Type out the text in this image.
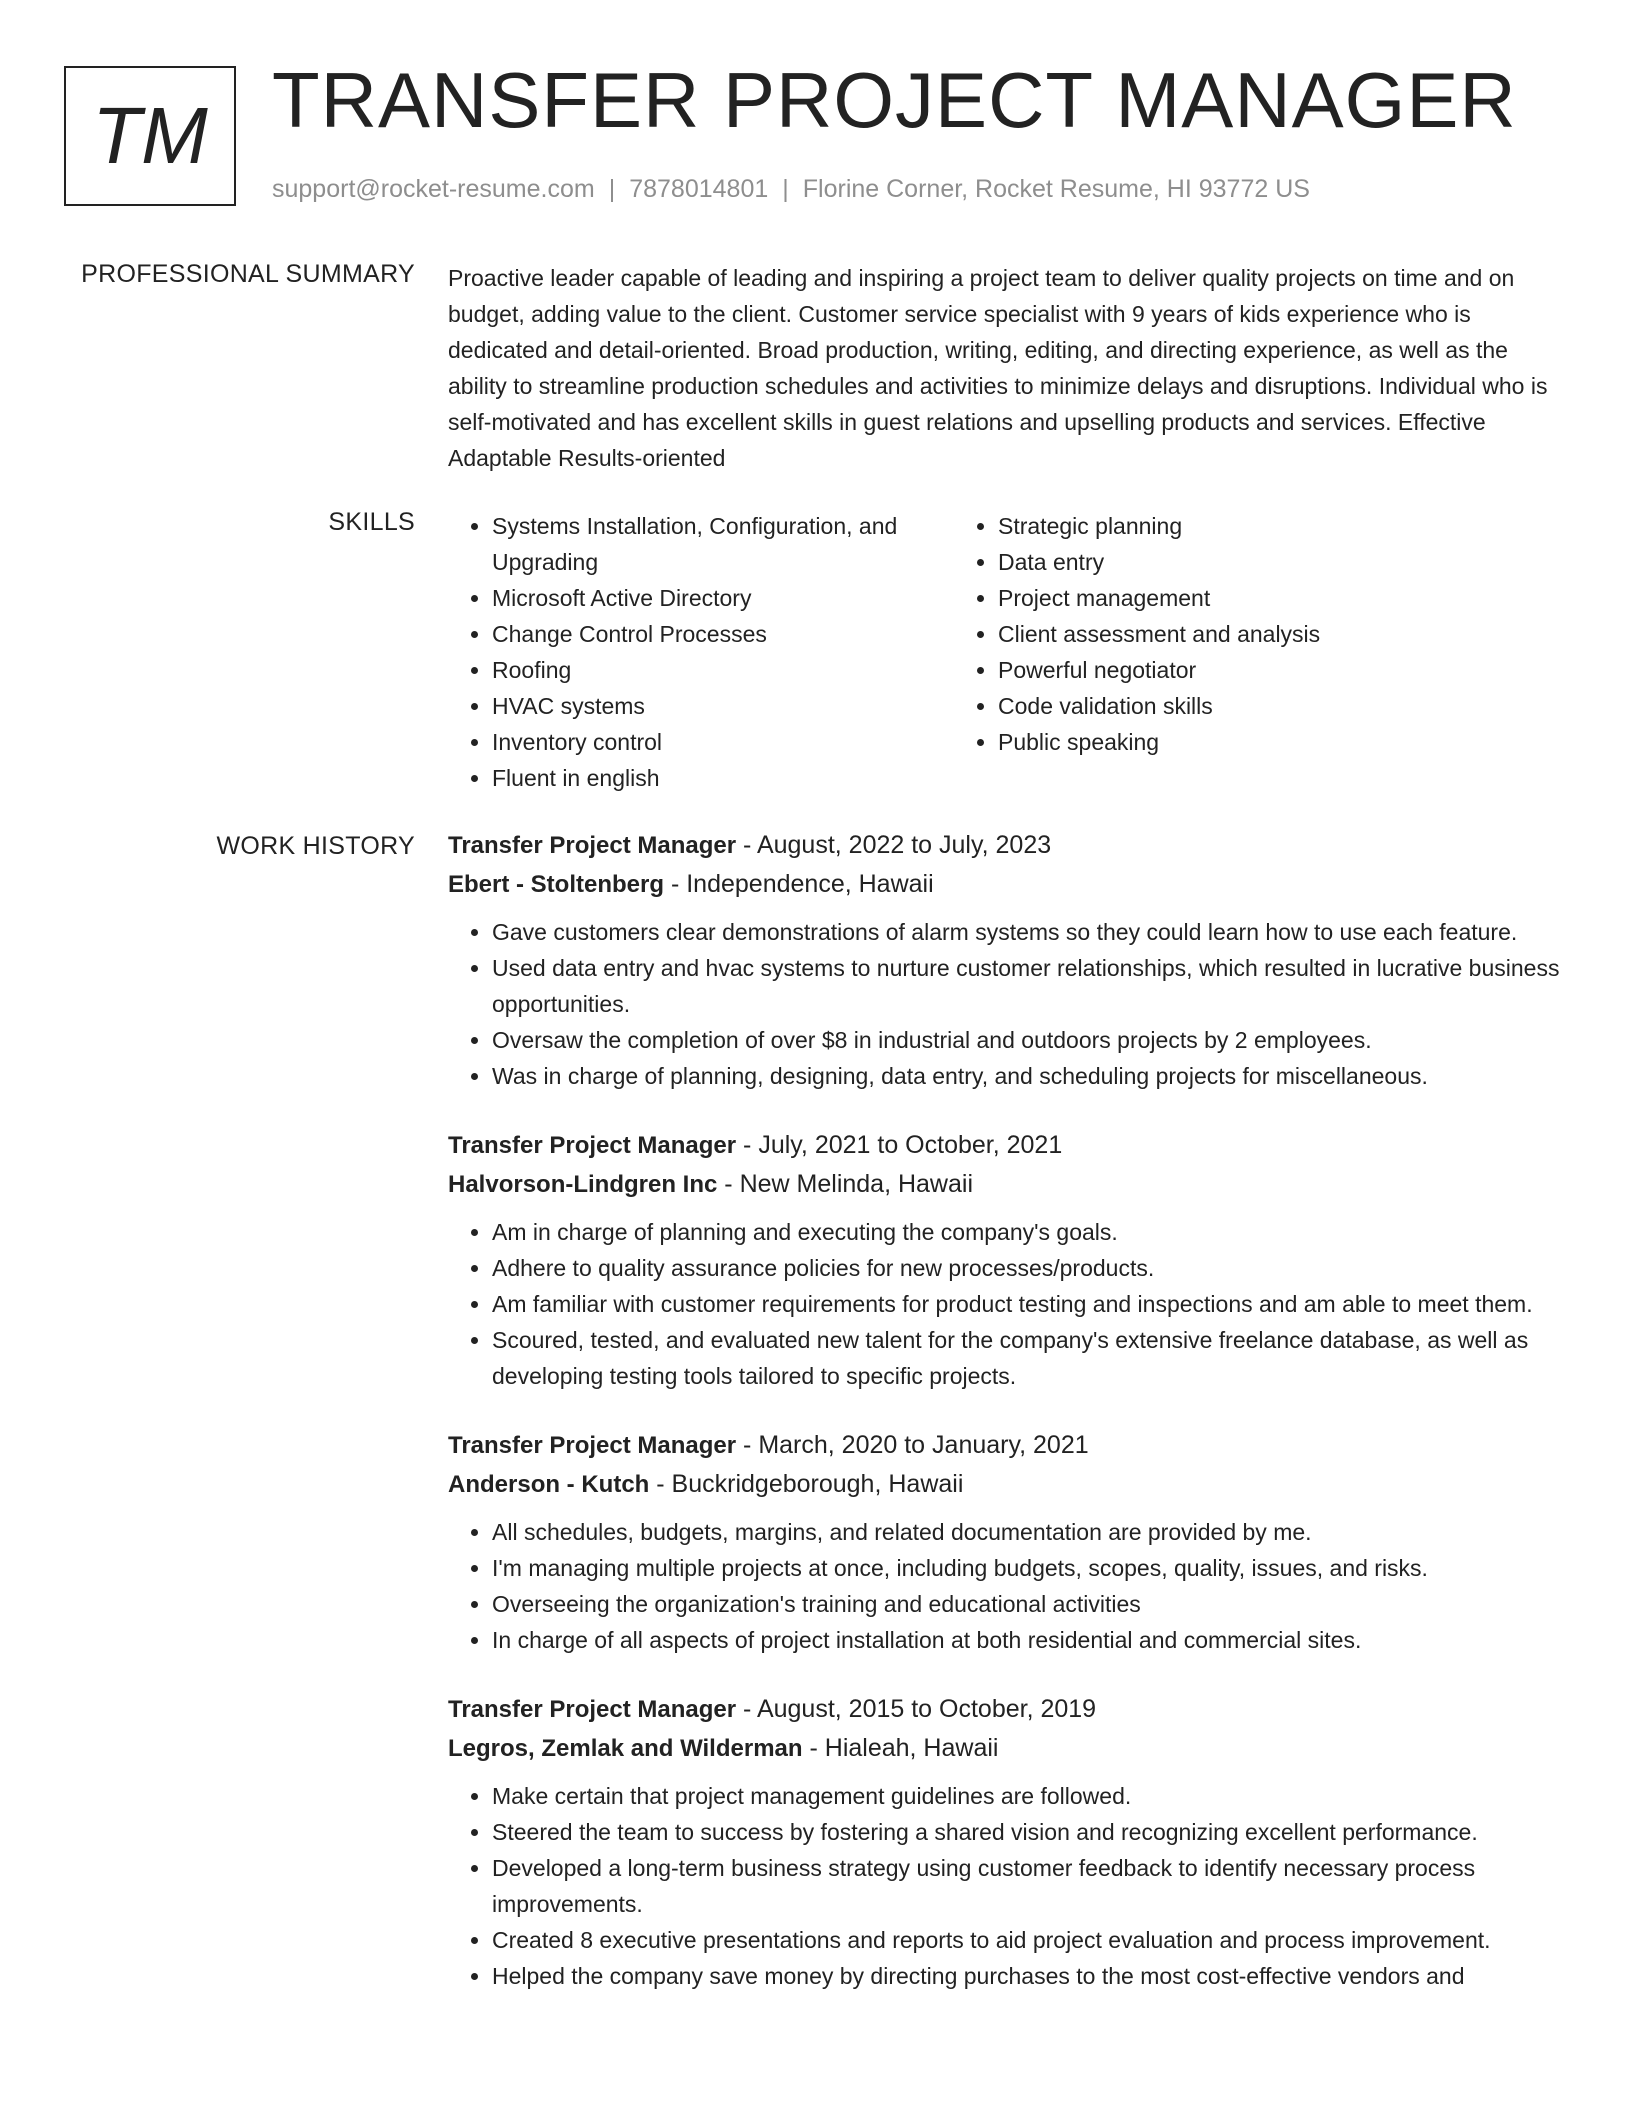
TM TRANSFER PROJECT MANAGER
support@rocket-resume.com | 7878014801 | Florine Corner, Rocket Resume, HI 93772 US
PROFESSIONAL SUMMARY Proactive leader capable of leading and inspiring a project team to deliver quality projects on time and on budget, adding value to the client. Customer service specialist with 9 years of kids experience who is dedicated and detail-oriented. Broad production, writing, editing, and directing experience, as well as the ability to streamline production schedules and activities to minimize delays and disruptions. Individual who is self-motivated and has excellent skills in guest relations and upselling products and services. Effective Adaptable Results-oriented

SKILLS
•	Systems Installation, Configuration, and Upgrading
• Microsoft Active Directory
• Change Control Processes
• Roofing
• HVAC systems
• Inventory control
• Fluent in english
• Strategic planning
• Data entry
• Project management
• Client assessment and analysis
• Powerful negotiator
• Code validation skills
• Public speaking
WORK HISTORY Transfer Project Manager - August, 2022 to July, 2023
Ebert - Stoltenberg - Independence, Hawaii
• Gave customers clear demonstrations of alarm systems so they could learn how to use each feature.
• Used data entry and hvac systems to nurture customer relationships, which resulted in lucrative business opportunities.
• Oversaw the completion of over $8 in industrial and outdoors projects by 2 employees.
• Was in charge of planning, designing, data entry, and scheduling projects for miscellaneous.
Transfer Project Manager - July, 2021 to October, 2021
Halvorson-Lindgren Inc - New Melinda, Hawaii
• Am in charge of planning and executing the company's goals.
• Adhere to quality assurance policies for new processes/products.
• Am familiar with customer requirements for product testing and inspections and am able to meet them.
• Scoured, tested, and evaluated new talent for the company's extensive freelance database, as well as developing testing tools tailored to specific projects.
Transfer Project Manager - March, 2020 to January, 2021
Anderson - Kutch - Buckridgeborough, Hawaii
• All schedules, budgets, margins, and related documentation are provided by me.
• I'm managing multiple projects at once, including budgets, scopes, quality, issues, and risks.
• Overseeing the organization's training and educational activities
• In charge of all aspects of project installation at both residential and commercial sites.
Transfer Project Manager - August, 2015 to October, 2019
Legros, Zemlak and Wilderman - Hialeah, Hawaii
• Make certain that project management guidelines are followed.
• Steered the team to success by fostering a shared vision and recognizing excellent performance.
• Developed a long-term business strategy using customer feedback to identify necessary process improvements.
• Created 8 executive presentations and reports to aid project evaluation and process improvement.
• Helped the company save money by directing purchases to the most cost-effective vendors and
